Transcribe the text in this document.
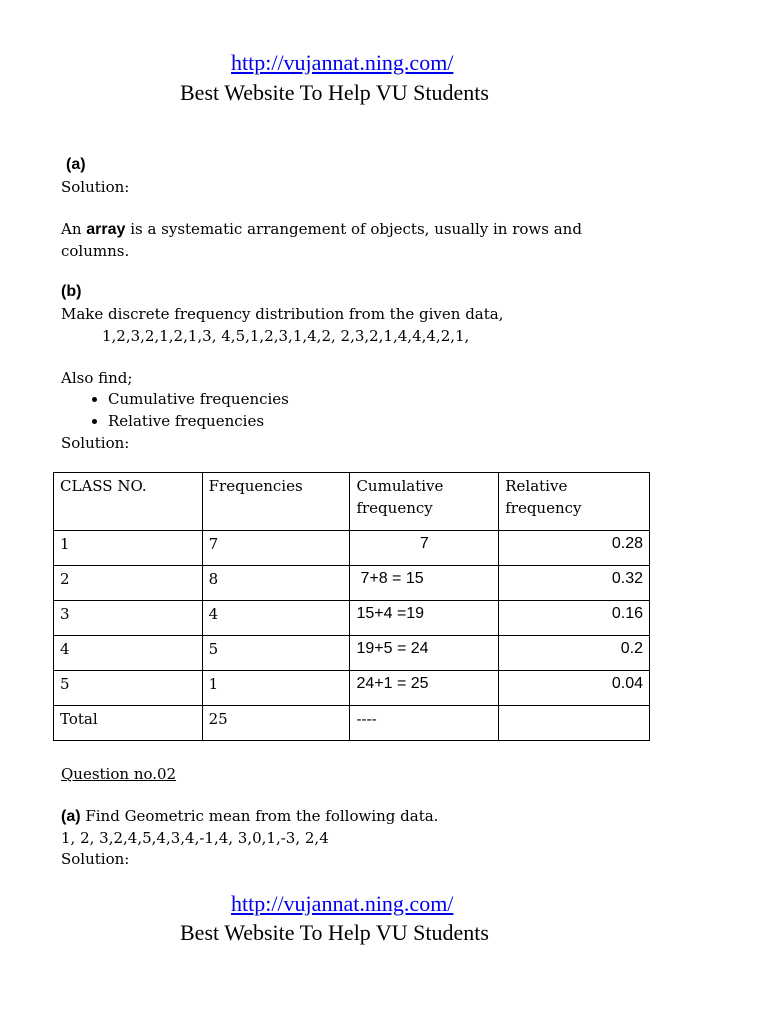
http://vujannat.ning.com/
Best Website To Help VU Students
(a)
Solution:
An array is a systematic arrangement of objects, usually in rows and
columns.
(b)
Make discrete frequency distribution from the given data,
1,2,3,2,1,2,1,3, 4,5,1,2,3,1,4,2, 2,3,2,1,4,4,4,2,1,
Also find;
• Cumulative frequencies
• Relative frequencies
Solution:
CLASS NO.	Frequencies	Cumulative frequency	Relative frequency
1	7	7	0.28
2	8	7+8 = 15	0.32
3	4	15+4 =19	0.16
4	5	19+5 = 24	0.2
5	1	24+1 = 25	0.04
Total	25	----	
Question no.02
(a) Find Geometric mean from the following data.
1, 2, 3,2,4,5,4,3,4,-1,4, 3,0,1,-3, 2,4
Solution:
http://vujannat.ning.com/
Best Website To Help VU Students
